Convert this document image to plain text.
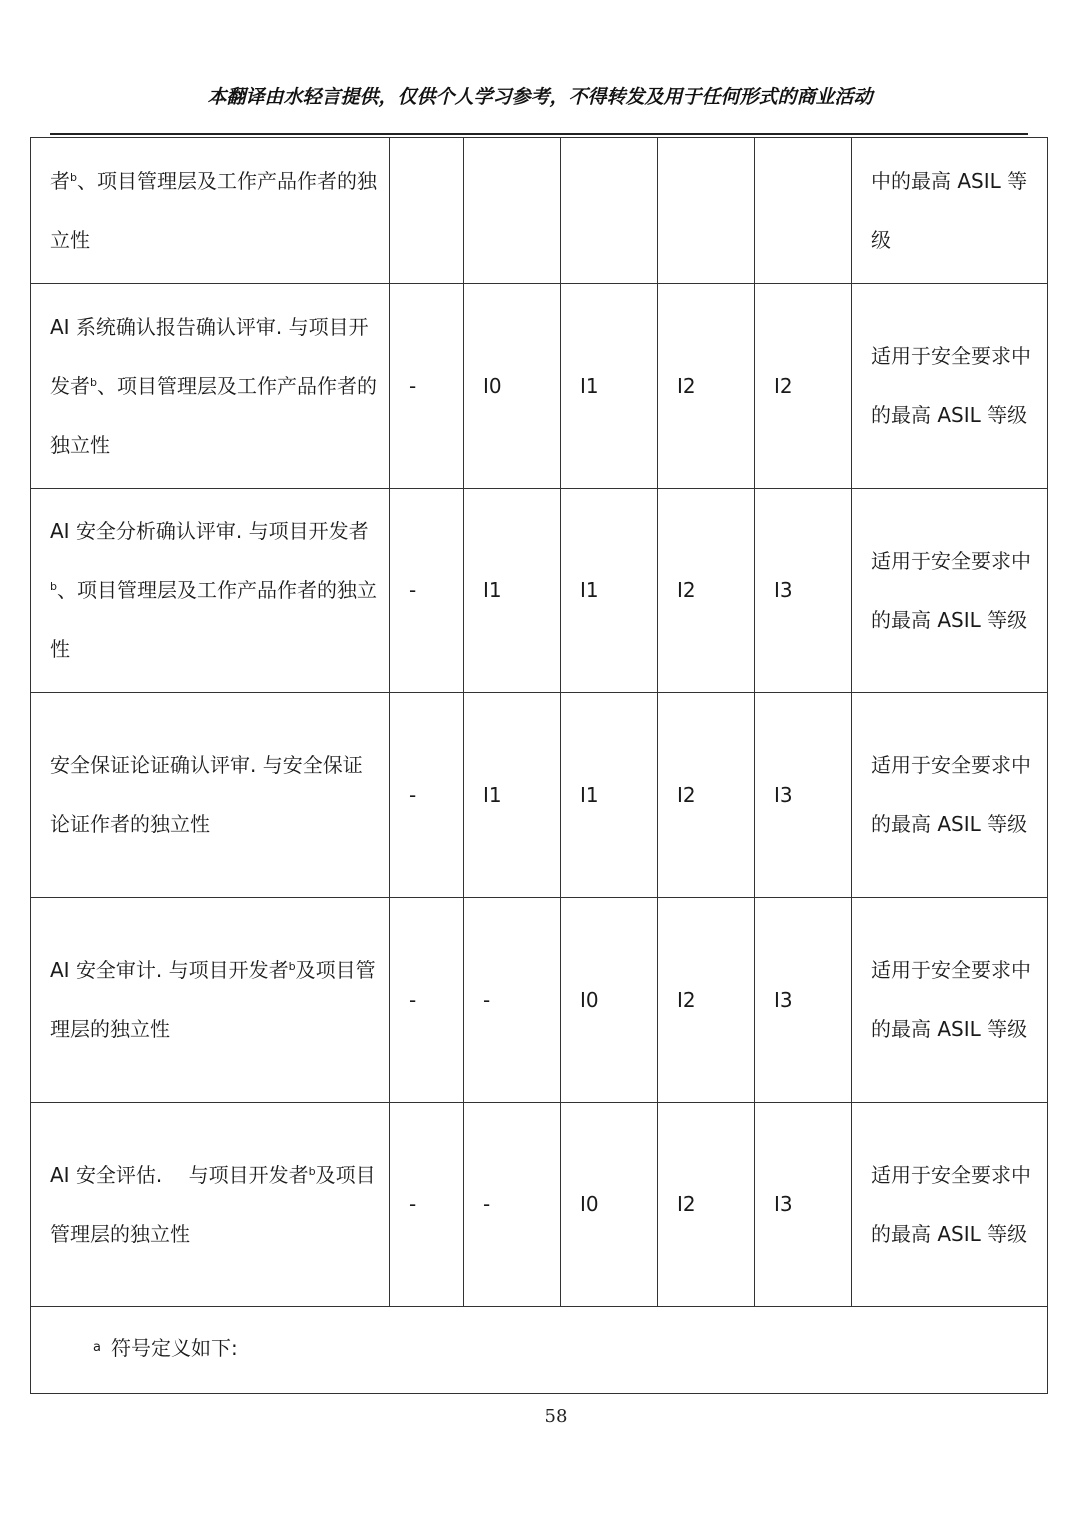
本翻译由水轻言提供，仅供个人学习参考，不得转发及用于任何形式的商业活动
者$^b$、项目管理层及工作产品作者的独立性						中的最高 ASIL 等级
AI 系统确认报告确认评审. 与项目开发者$^b$、项目管理层及工作产品作者的独立性	-	I0	I1	I2	I2	适用于安全要求中的最高 ASIL 等级
AI 安全分析确认评审. 与项目开发者$^b$、项目管理层及工作产品作者的独立性	-	I1	I1	I2	I3	适用于安全要求中的最高 ASIL 等级
安全保证论证确认评审. 与安全保证论证作者的独立性	-	I1	I1	I2	I3	适用于安全要求中的最高 ASIL 等级
AI 安全审计. 与项目开发者$^b$及项目管理层的独立性	-	-	I0	I2	I3	适用于安全要求中的最高 ASIL 等级
AI 安全评估.　 与项目开发者$^b$及项目管理层的独立性	-	-	I0	I2	I3	适用于安全要求中的最高 ASIL 等级
$^a$ 符号定义如下:						
58
